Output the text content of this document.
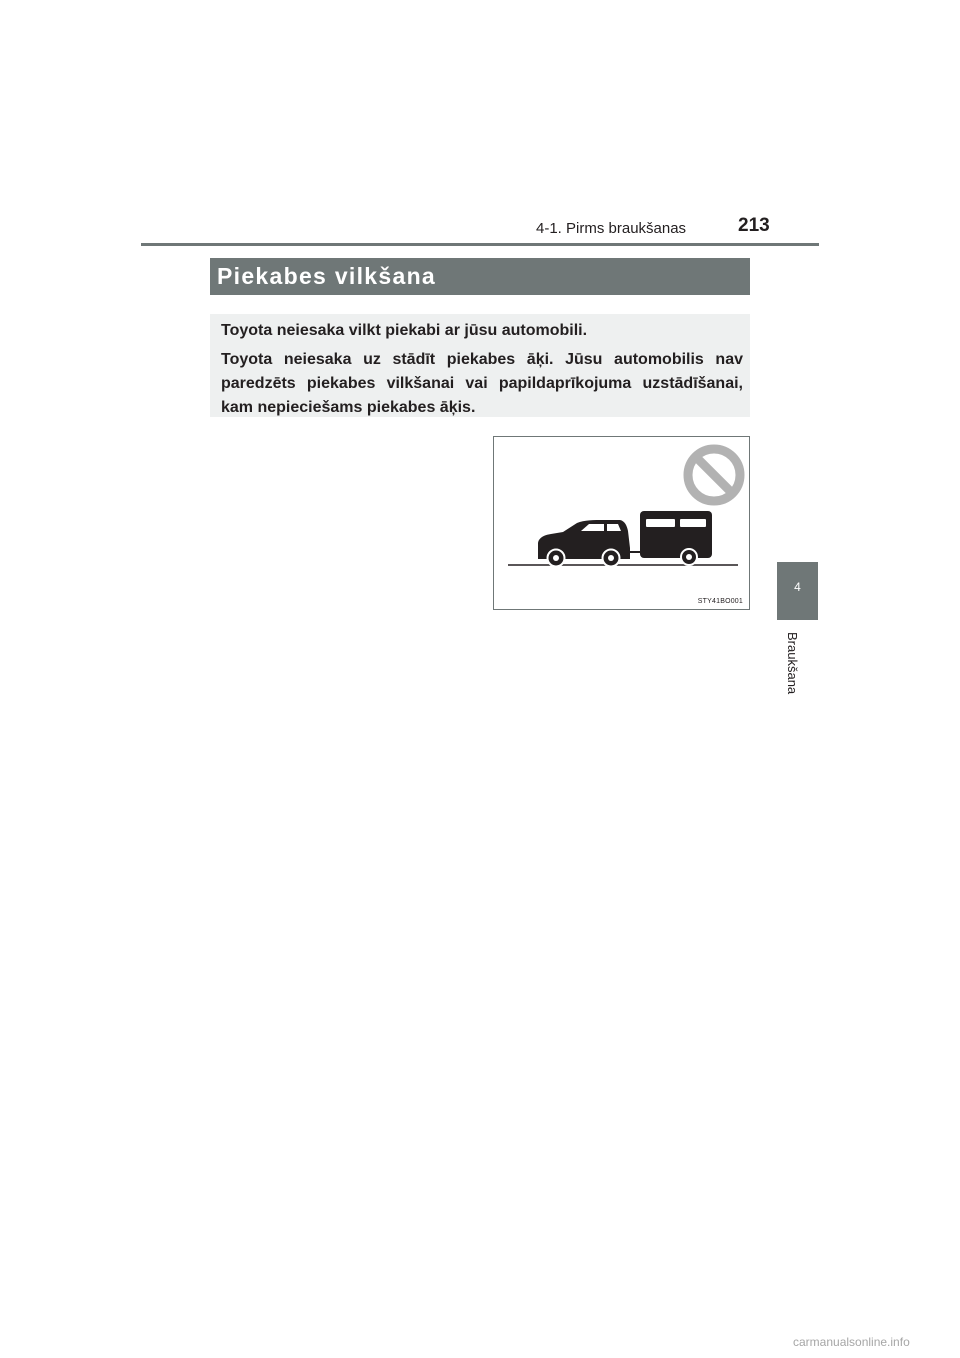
4-1. Pirms braukšanas	213
Piekabes vilkšana

Toyota neiesaka vilkt piekabi ar jūsu automobili.

Toyota neiesaka uz stādīt piekabes āķi. Jūsu automobilis nav paredzēts piekabes vilkšanai vai papildaprīkojuma uzstādīšanai, kam nepieciešams piekabes āķis.

STY41BO001
4
Braukšana
carmanualsonline.info
